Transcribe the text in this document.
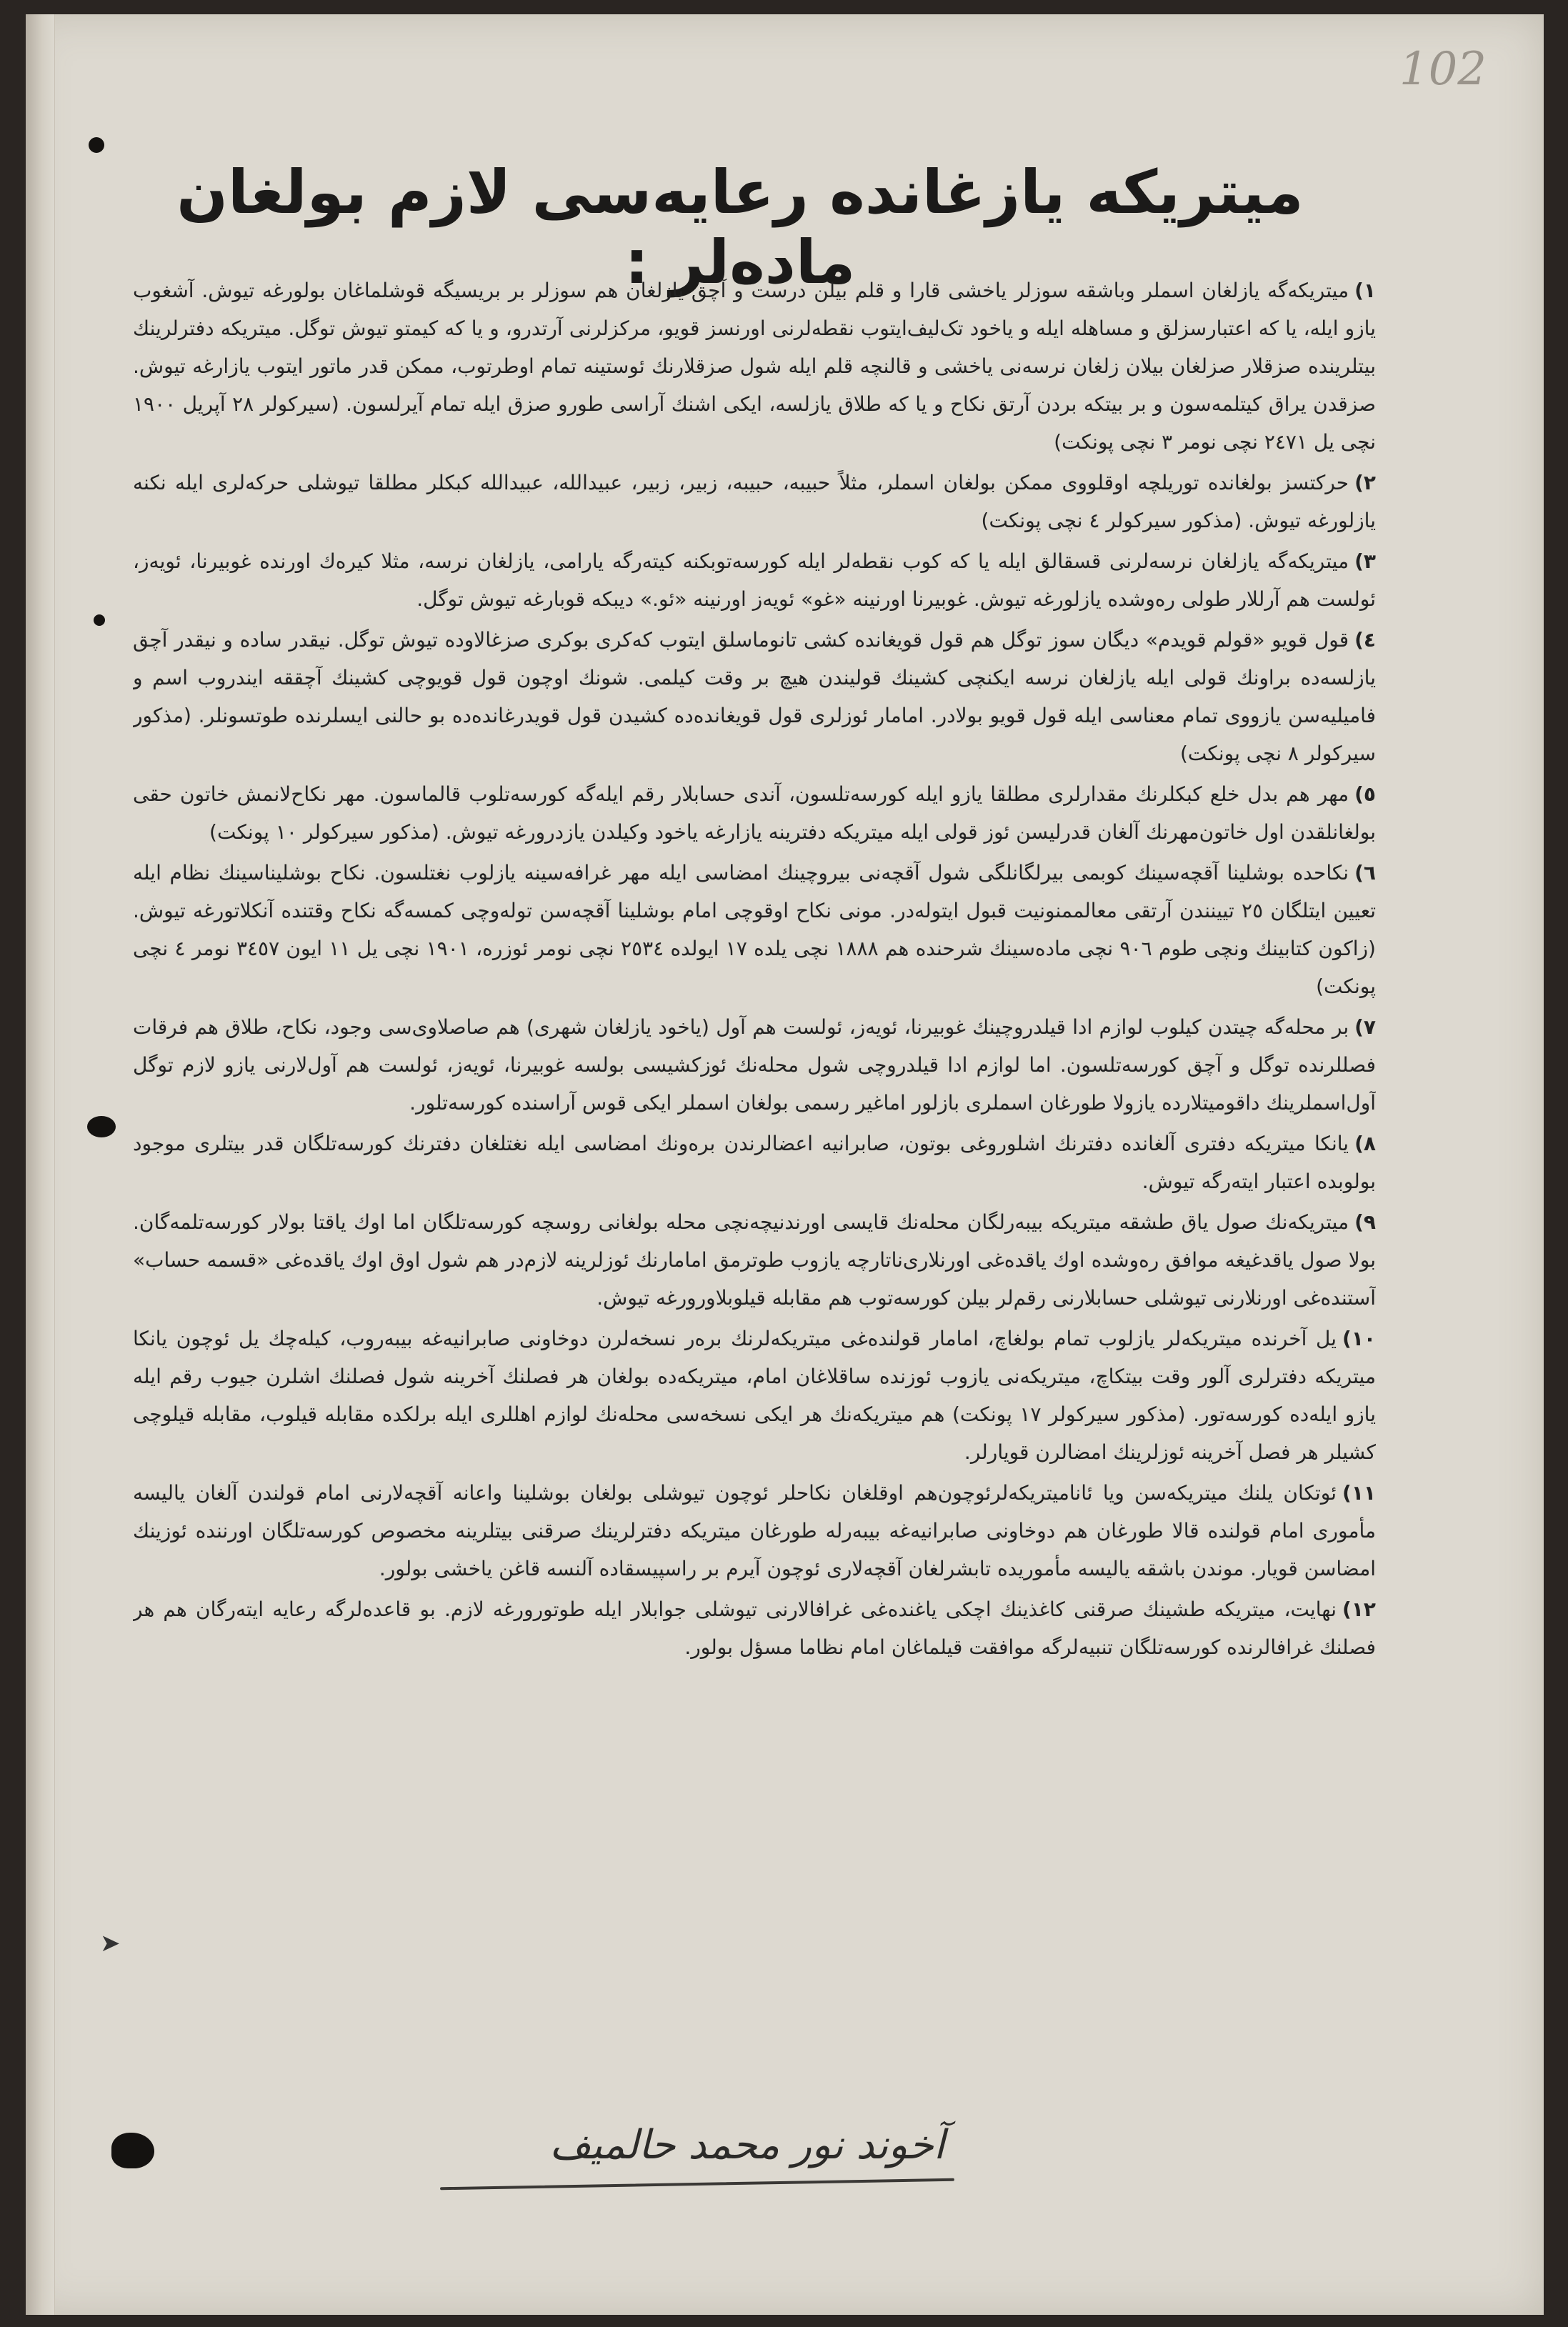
102
میتریکه یازغانده رعایه‌سی لازم بولغان ماده‌لر :	١)میتریکه‌گه یازلغان اسملر وباشقه سوزلر یاخشی قارا و قلم بیلن درست و آچق یازلغان هم سوزلر بر بریسیگه قوشلماغان بولورغه تیوش. آشغوب یازو ایله، یا که اعتبارسزلق و مساهله ایله و یاخود تک‌لیف‌ایتوب نقطه‌لرنی اورنسز قویو، مرکزلرنی آرتدرو، و یا که کیمتو تیوش توگل. میتریکه دفترلرینك بیتلرینده صزقلار صزلغان بیلان زلغان نرسه‌نی یاخشی و قالنچه قلم ایله شول صزقلارنك ئوستینه تمام اوطرتوب، ممکن قدر ماتور ایتوب یازارغه تیوش. صزقدن یراق کیتلمه‌سون و بر بیتکه بردن آرتق نکاح و یا که طلاق یازلسه، ایکی اشنك آراسی طورو صزق ایله تمام آیرلسون. (سیرکولر ٢٨ آپریل ١٩٠٠ نچی یل ٢٤٧١ نچی نومر ٣ نچی پونکت)

٢)حرکتسز بولغانده توریلچه اوقلووی ممکن بولغان اسملر، مثلاً حبیبه، حبیبه، زبیر، زبیر، عبیدالله، عبیدالله کبکلر مطلقا تیوشلی حرکه‌لری ایله نکنه یازلورغه تیوش. (مذکور سیرکولر ٤ نچی پونکت)

٣)میتریکه‌گه یازلغان نرسه‌لرنی قسقالق ایله یا که کوب نقطه‌لر ایله کورسه‌توبکنه کیته‌رگه یارامی، یازلغان نرسه، مثلا کیره‌ك اورنده غوبیرنا، ئویه‌ز، ئولست هم آرللار طولی ره‌وشده یازلورغه تیوش. غوبیرنا اورنینه «غو» ئویه‌ز اورنینه «ئو.» دیبکه قوبارغه تیوش توگل.

٤)قول قویو «قولم قویدم» دیگان سوز توگل هم قول قویغانده کشی تانوماسلق ایتوب که‌کری بوکری صزغالاوده تیوش توگل. نیقدر ساده و نیقدر آچق یازلسه‌ده براونك قولی ایله یازلغان نرسه ایکنچی کشینك قولیندن هیچ بر وقت کیلمی. شونك اوچون قول قویوچی کشینك آچققه ایندروب اسم و فامیلیه‌سن یازووی تمام معناسی ایله قول قویو بولادر. امامار ئوزلری قول قویغانده‌ده کشیدن قول قویدرغانده‌ده بو حالنی ایسلرنده طوتسونلر. (مذکور سیرکولر ٨ نچی پونکت)

٥)مهر هم بدل خلع کبکلرنك مقدارلری مطلقا یازو ایله کورسه‌تلسون، آندی حسابلار رقم ایله‌گه کورسه‌تلوب قالماسون. مهر نکاح‌لانمش خاتون حقی بولغانلقدن اول خاتون‌مهرنك آلغان قدرلیسن ئوز قولی ایله میتریکه دفترینه یازارغه یاخود وکیلدن یازدرورغه تیوش. (مذکور سیرکولر ١٠ پونکت)

٦)نکاحده بوشلینا آقچه‌سینك کوبمی بیرلگانلگی شول آقچه‌نی بیروچینك امضاسی ایله مهر غرافه‌سینه یازلوب نغتلسون. نکاح بوشلیناسینك نظام ایله تعیین ایتلگان ٢٥ تیینندن آرتقی معالممنونیت قبول ایتوله‌در. مونی نکاح اوقوچی امام بوشلینا آقچه‌سن تولەوچی کمسه‌گه نکاح وقتنده آنکلاتورغه تیوش. (زاکون کتابینك ونچی طوم ٩٠٦ نچی ماده‌سینك شرحنده هم ١٨٨٨ نچی یلده ١٧ ایولده ٢٥٣٤ نچی نومر ئوزره، ١٩٠١ نچی یل ١١ ایون ٣٤٥٧ نومر ٤ نچی پونکت)

٧)بر محله‌گه چیتدن کیلوب لوازم ادا قیلدروچینك غوبیرنا، ئویه‌ز، ئولست هم آول (یاخود یازلغان شهری) هم صاصلاوی‌سی وجود، نکاح، طلاق هم فرقات فصللرنده توگل و آچق کورسه‌تلسون. اما لوازم ادا قیلدروچی شول محله‌نك ئوزکشیسی بولسه غوبیرنا، ئویه‌ز، ئولست هم آول‌لارنی یازو لازم توگل آول‌اسملرینك داقومیتلارده یازولا طورغان اسملری بازلور اماغیر رسمی بولغان اسملر ایکی قوس آراسنده کورسه‌تلور.

٨)یانکا میتریکه دفتری آلغانده دفترنك اشلوروغی بوتون، صابرانیه اعضالرندن بره‌ونك امضاسی ایله نغتلغان دفترنك کورسه‌تلگان قدر بیتلری موجود بولوبده اعتبار ایته‌رگه تیوش.

٩)میتریکه‌نك صول یاق طشقه میتریکه بیبه‌رلگان محله‌نك قایسی اورندنیچه‌نچی محله بولغانی روسچه کورسه‌تلگان اما اوك یاقتا بولار کورسه‌تلمه‌گان. بولا صول یاقدغیغه موافق ره‌وشده اوك یاقده‌غی اورنلاری‌ناتارچه یازوب طوترمق امامارنك ئوزلرینه لازم‌در هم شول اوق اوك یاقده‌غی «قسمه حساب» آستنده‌غی اورنلارنی تیوشلی حسابلارنی رقم‌لر بیلن کورسه‌توب هم مقابله قیلوبلاورورغه تیوش.

١٠)یل آخرنده میتریکه‌لر یازلوب تمام بولغاچ، امامار قولنده‌غی میتریکه‌لرنك برەر نسخه‌لرن دوخاونی صابرانیه‌غه بیبه‌روب، کیله‌چك یل ئوچون یانکا میتریکه دفترلری آلور وقت بیتکاچ، میتریکه‌نی یازوب ئوزنده ساقلاغان امام، میتریکه‌ده بولغان هر فصلنك آخرینه شول فصلنك اشلرن جیوب رقم ایله یازو ایله‌ده کورسه‌تور. (مذکور سیرکولر ١٧ پونکت) هم میتریکه‌نك هر ایکی نسخه‌سی محله‌نك لوازم اهللری ایله برلکده مقابله قیلوب، مقابله قیلوچی کشیلر هر فصل آخرینه ئوزلرینك امضالرن قویارلر.

١١)ئوتکان یلنك میتریکه‌سن ویا ئانامیتریکه‌لرئوچون‌هم اوقلغان نکاحلر ئوچون تیوشلی بولغان بوشلینا واعانه آقچه‌لارنی امام قولندن آلغان یالیسه مأموری امام قولنده قالا طورغان هم دوخاونی صابرانیه‌غه بیبه‌رله طورغان میتریکه دفترلرینك صرقنی بیتلرینه مخصوص کورسه‌تلگان اورننده ئوزینك امضاسن قویار. موندن باشقه یالیسه مأموریده تابشرلغان آقچه‌لاری ئوچون آیرم بر راسپیسقاده آلنسه قاغن یاخشی بولور.

١٢)نهایت، میتریکه طشینك صرقنی کاغذینك اچکی یاغنده‌غی غرافالارنی تیوشلی جوابلار ایله طوتورورغه لازم. بو قاعده‌لرگه رعایه ایته‌رگان هم هر فصلنك غرافالرنده کورسه‌تلگان تنبیه‌لرگه موافقت قیلماغان امام نظاما مسؤل بولور.

آخوند نور محمد حالمیف
➤
